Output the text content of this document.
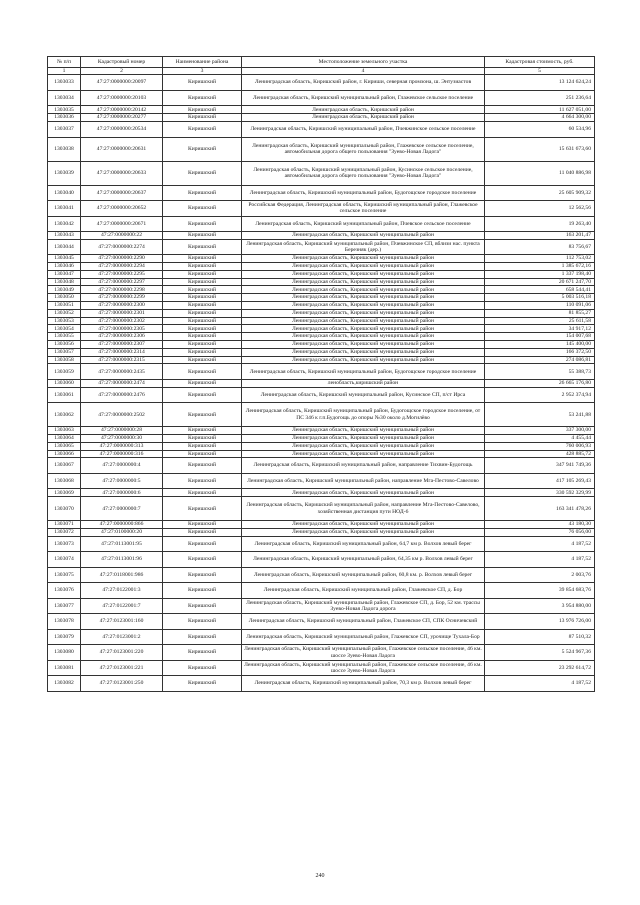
№ п/п	Кадастровый номер	Наименование района	Местоположение земельного участка	Кадастровая стоимость, руб.
1	2	3	4	5
1303033	47:27:0000000:20097	Киришский	Ленинградская область, Киришский район, г. Кириши, северная промзона, ш. Энтузиастов	13 124 624,24
1303034	47:27:0000000:20103	Киришский	Ленинградская область, Киришский муниципальный район, Глажевское сельское поселение	251 236,64
1303035	47:27:0000000:20142	Киришский	Ленинградская область, Киришский район	11 627 051,00
1303036	47:27:0000000:20277	Киришский	Ленинградская область, Киришский район	4 664 300,00
1303037	47:27:0000000:20534	Киришский	Ленинградская область, Киришский муниципальный район, Пчевжинское сельское поселение	60 534,96
1303038	47:27:0000000:20631	Киришский	Ленинградская область, Киришский муниципальный район, Глажевское сельское поселение, автомобильная дорога общего пользования "Зуево-Новая Ладога"	15 631 673,60
1303039	47:27:0000000:20633	Киришский	Ленинградская область, Киришский муниципальный район, Кусинское сельское поселение, автомобильная дорога общего пользования "Зуево-Новая Ладога"	11 040 886,98
1303040	47:27:0000000:20637	Киришский	Ленинградская область, Киришский муниципальный район, Будогощское городское поселение	25 605 909,32
1303041	47:27:0000000:20652	Киришский	Российская Федерация, Ленинградская область, Киришский муниципальный район, Глажевское сельское поселение	12 562,56
1303042	47:27:0000000:20671	Киришский	Ленинградская область, Киришский муниципальный район, Пчевское сельское поселение	19 263,40
1303043	47:27:0000000:22	Киришский	Ленинградская область, Киришский муниципальный район	163 201,47
1303044	47:27:0000000:2274	Киришский	Ленинградская область, Киришский муниципальный район, Пчевжинское СП, вблизи нас. пункта Березняк (дер.)	83 756,67
1303045	47:27:0000000:2290	Киришский	Ленинградская область, Киришский муниципальный район	112 753,02
1303046	47:27:0000000:2294	Киришский	Ленинградская область, Киришский муниципальный район	1 385 672,16
1303047	47:27:0000000:2295	Киришский	Ленинградская область, Киришский муниципальный район	1 337 198,40
1303048	47:27:0000000:2297	Киришский	Ленинградская область, Киришский муниципальный район	20 671 247,70
1303049	47:27:0000000:2298	Киришский	Ленинградская область, Киришский муниципальный район	658 544,41
1303050	47:27:0000000:2299	Киришский	Ленинградская область, Киришский муниципальный район	5 003 516,18
1303051	47:27:0000000:2300	Киришский	Ленинградская область, Киришский муниципальный район	110 091,06
1303052	47:27:0000000:2301	Киришский	Ленинградская область, Киришский муниципальный район	81 855,27
1303053	47:27:0000000:2302	Киришский	Ленинградская область, Киришский муниципальный район	25 611,58
1303054	47:27:0000000:2305	Киришский	Ленинградская область, Киришский муниципальный район	34 917,12
1303055	47:27:0000000:2306	Киришский	Ленинградская область, Киришский муниципальный район	154 007,68
1303056	47:27:0000000:2307	Киришский	Ленинградская область, Киришский муниципальный район	145 400,00
1303057	47:27:0000000:2314	Киришский	Ленинградская область, Киришский муниципальный район	166 372,50
1303058	47:27:0000000:2315	Киришский	Ленинградская область, Киришский муниципальный район	274 086,81
1303059	47:27:0000000:2435	Киришский	Ленинградская область, Киришский муниципальный район, Будогощское городское поселение	55 388,73
1303060	47:27:0000000:2474	Киришский	ленобласть,киришский район	26 665 176,80
1303061	47:27:0000000:2476	Киришский	Ленинградская область, Киришский муниципальный район, Кусинское СП, п/ст Ирса	2 952 374,94
1303062	47:27:0000000:2502	Киришский	Ленинградская область, Киришский муниципальный район, Будогощское городское поселение, от ПС 346 к г.п.Будогощь до опоры №30 около д.Могилёво	53 241,88
1303063	47:27:0000000:28	Киришский	Ленинградская область, Киришский муниципальный район	337 300,00
1303064	47:27:0000000:30	Киришский	Ленинградская область, Киришский муниципальный район	4 455,44
1303065	47:27:0000000:313	Киришский	Ленинградская область, Киришский муниципальный район	760 006,93
1303066	47:27:0000000:316	Киришский	Ленинградская область, Киришский муниципальный район	428 885,72
1303067	47:27:0000000:4	Киришский	Ленинградская область, Киришский муниципальный район, направление Тихвин-Будогощь	347 941 749,36
1303068	47:27:0000000:5	Киришский	Ленинградская область, Киришский муниципальный район, направление Мга-Пестово-Савелово	417 105 269,43
1303069	47:27:0000000:6	Киришский	Ленинградская область, Киришский муниципальный район	330 592 329,99
1303070	47:27:0000000:7	Киришский	Ленинградская область, Киришский муниципальный район, направление Мга-Пестово-Савелово, хозяйственная дистанция пути НОД-6	163 341 478,26
1303071	47:27:0000000:866	Киришский	Ленинградская область, Киришский муниципальный район	43 180,30
1303072	47:27:0100000:20	Киришский	Ленинградская область, Киришский муниципальный район	76 056,00
1303073	47:27:0113001:95	Киришский	Ленинградская область, Киришский муниципальный район, 64,7 км р. Волхов левый берег	4 187,52
1303074	47:27:0113001:96	Киришский	Ленинградская область, Киришский муниципальный район, 64,35 км р. Волхов левый берег	4 187,52
1303075	47:27:0118001:986	Киришский	Ленинградская область, Киришский муниципальный район, 60,8 км. р. Волхов левый берег	2 003,76
1303076	47:27:0122001:3	Киришский	Ленинградская область, Киришский муниципальный район, Глажевское СП, д. Бор	39 854 683,76
1303077	47:27:0122001:7	Киришский	Ленинградская область, Киришский муниципальный район, Глажевское СП, д. Бор, 52 км. трассы Зуево-Новая Ладога дорога	3 954 880,00
1303078	47:27:0123001:160	Киришский	Ленинградская область, Киришский муниципальный район, Глажевское СП, СПК Осничевский	13 976 726,00
1303079	47:27:0123001:2	Киришский	Ленинградская область, Киришский муниципальный район, Глажевское СП, урочище Тухала-Бор	87 510,32
1303080	47:27:0123001:220	Киришский	Ленинградская область, Киришский муниципальный район, Глажевское сельское поселение, 46 км. шоссе Зуево-Новая Ладога	5 524 967,36
1303081	47:27:0123001:221	Киришский	Ленинградская область, Киришский муниципальный район, Глажевское сельское поселение, 46 км. шоссе Зуево-Новая Ладога	23 292 614,72
1303082	47:27:0123001:250	Киришский	Ленинградская область, Киришский муниципальный район, 70,3 км р. Волхов левый берег	4 187,52
240
